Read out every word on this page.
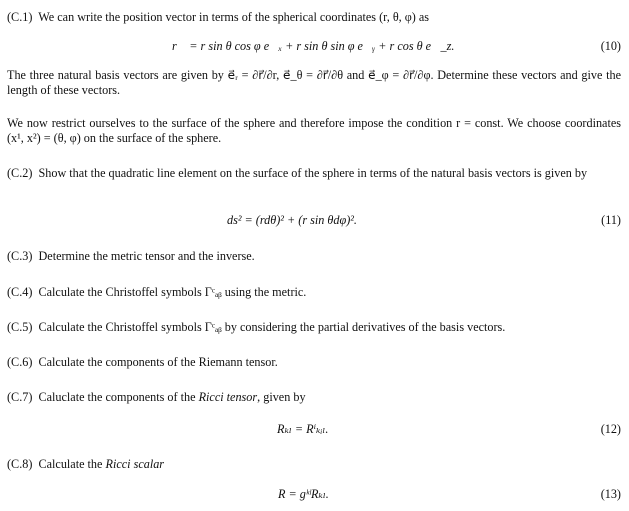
(C.1) We can write the position vector in terms of the spherical coordinates (r, θ, φ) as
r⃗ = r sin θ cos φ e⃗ₓ + r sin θ sin φ e⃗ᵧ + r cos θ e⃗_z.	(10)
The three natural basis vectors are given by e⃗ᵣ = ∂r⃗/∂r, e⃗_θ = ∂r⃗/∂θ and e⃗_φ = ∂r⃗/∂φ. Determine these vectors and give the length of these vectors.
We now restrict ourselves to the surface of the sphere and therefore impose the condition r = const. We choose coordinates (x¹, x²) = (θ, φ) on the surface of the sphere.
(C.2) Show that the quadratic line element on the surface of the sphere in terms of the natural basis vectors is given by
ds² = (rdθ)² + (r sin θdφ)².	(11)
(C.3) Determine the metric tensor and the inverse.
(C.4) Calculate the Christoffel symbols Γᶜₐᵦ using the metric.
(C.5) Calculate the Christoffel symbols Γᶜₐᵦ by considering the partial derivatives of the basis vectors.
(C.6) Calculate the components of the Riemann tensor.
(C.7) Caluclate the components of the Ricci tensor, given by
Rₖₗ = Rⁱₖᵢₗ.	(12)
(C.8) Calculate the Ricci scalar
R = gᵏˡRₖₗ.	(13)
